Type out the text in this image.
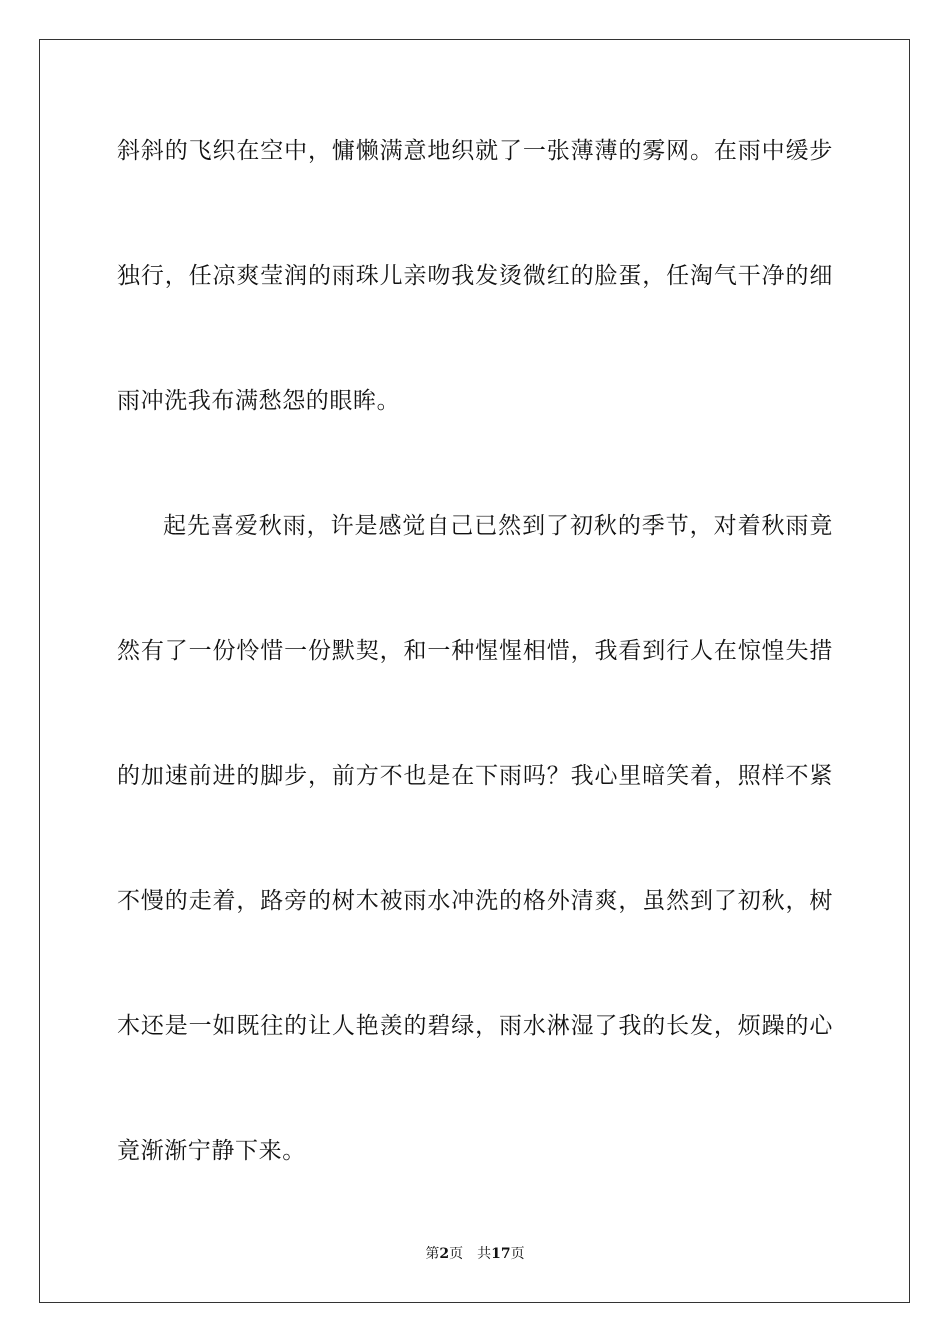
斜斜的飞织在空中，慵懒满意地织就了一张薄薄的雾网。在雨中缓步
独行，任凉爽莹润的雨珠儿亲吻我发烫微红的脸蛋，任淘气干净的细
雨冲洗我布满愁怨的眼眸。
起先喜爱秋雨，许是感觉自己已然到了初秋的季节，对着秋雨竟
然有了一份怜惜一份默契，和一种惺惺相惜，我看到行人在惊惶失措
的加速前进的脚步，前方不也是在下雨吗？我心里暗笑着，照样不紧
不慢的走着，路旁的树木被雨水冲洗的格外清爽，虽然到了初秋，树
木还是一如既往的让人艳羡的碧绿，雨水淋湿了我的长发，烦躁的心
竟渐渐宁静下来。
第2页 共17页
